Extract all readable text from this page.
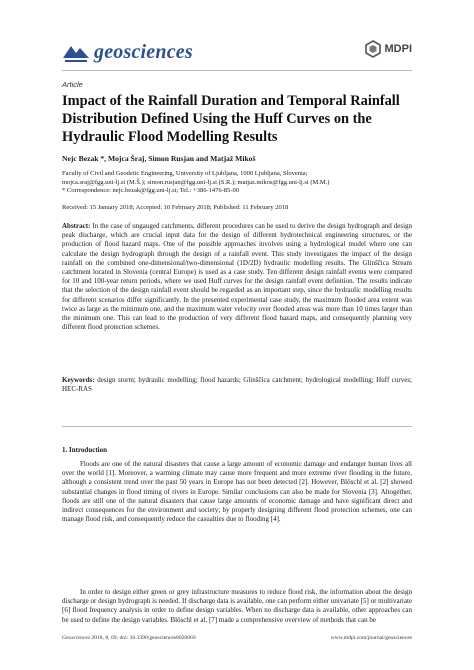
geosciences	MDPI
Article
Impact of the Rainfall Duration and Temporal Rainfall Distribution Defined Using the Huff Curves on the Hydraulic Flood Modelling Results
Nejc Bezak *, Mojca Šraj, Simon Rusjan and Matjaž Mikoš
Faculty of Civil and Geodetic Engineering, University of Ljubljana, 1000 Ljubljana, Slovenia;
mojca.sraj@fgg.uni-lj.si (M.Š.); simon.rusjan@fgg.uni-lj.si (S.R.); matjaz.mikos@fgg.uni-lj.si (M.M.)
* Correspondence: nejc.bezak@fgg.uni-lj.si; Tel.: +386-1476-85-00
Received: 15 January 2018; Accepted: 10 February 2018; Published: 11 February 2018

Abstract: In the case of ungauged catchments, different procedures can be used to derive the design hydrograph and design peak discharge, which are crucial input data for the design of different hydrotechnical engineering structures, or the production of flood hazard maps. One of the possible approaches involves using a hydrological model where one can calculate the design hydrograph through the design of a rainfall event. This study investigates the impact of the design rainfall on the combined one-dimensional/two-dimensional (1D/2D) hydraulic modelling results. The Glinščica Stream catchment located in Slovenia (central Europe) is used as a case study. Ten different design rainfall events were compared for 10 and 100-year return periods, where we used Huff curves for the design rainfall event definition. The results indicate that the selection of the design rainfall event should be regarded as an important step, since the hydraulic modelling results for different scenarios differ significantly. In the presented experimental case study, the maximum flooded area extent was twice as large as the minimum one, and the maximum water velocity over flooded areas was more than 10 times larger than the minimum one. This can lead to the production of very different flood hazard maps, and consequently planning very different flood protection schemes.

Keywords: design storm; hydraulic modelling; flood hazards; Glinščica catchment; hydrological modelling; Huff curves; HEC-RAS

1. Introduction

Floods are one of the natural disasters that cause a large amount of economic damage and endanger human lives all over the world [1]. Moreover, a warming climate may cause more frequent and more extreme river flooding in the future, although a consistent trend over the past 50 years in Europe has not been detected [2]. However, Blöschl et al. [2] showed substantial changes in flood timing of rivers in Europe. Similar conclusions can also be made for Slovenia [3]. Altogether, floods are still one of the natural disasters that cause large amounts of economic damage and have significant direct and indirect consequences for the environment and society; by properly designing different flood protection schemes, one can manage flood risk, and consequently reduce the casualties due to flooding [4].

In order to design either green or grey infrastructure measures to reduce flood risk, the information about the design discharge or design hydrograph is needed. If discharge data is available, one can perform either univariate [5] or multivariate [6] flood frequency analysis in order to define design variables. When no discharge data is available, other approaches can be used to define the design variables. Blöschl et al. [7] made a comprehensive overview of methods that can be

Geosciences 2018, 8, 69; doi: 10.3390/geosciences8020069	www.mdpi.com/journal/geosciences
